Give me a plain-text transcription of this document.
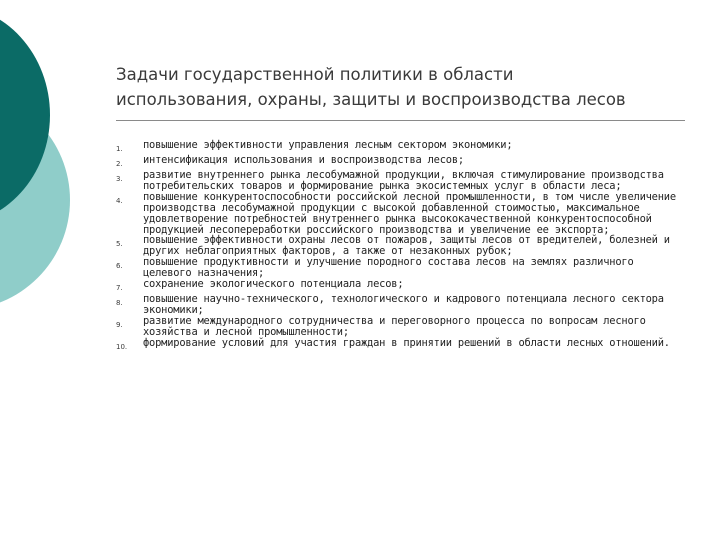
Задачи государственной политики в области
использования, охраны, защиты и воспроизводства лесов
1.	повышение эффективности управления лесным сектором экономики;
2.	интенсификация использования и воспроизводства лесов;
3.	развитие внутреннего рынка лесобумажной продукции, включая стимулирование производства потребительских товаров и формирование рынка экосистемных услуг в области леса;
4.	повышение конкурентоспособности российской лесной промышленности, в том числе увеличение производства лесобумажной продукции с высокой добавленной стоимостью, максимальное удовлетворение потребностей внутреннего рынка высококачественной конкурентоспособной продукцией лесопереработки российского производства и увеличение ее экспорта;
5.	повышение эффективности охраны лесов от пожаров, защиты лесов от вредителей, болезней и других неблагоприятных факторов, а также от незаконных рубок;
6.	повышение продуктивности и улучшение породного состава лесов на землях различного целевого назначения;
7.	сохранение экологического потенциала лесов;
8.	повышение научно-технического, технологического и кадрового потенциала лесного сектора экономики;
9.	развитие международного сотрудничества и переговорного процесса по вопросам лесного хозяйства и лесной промышленности;
10.	формирование условий для участия граждан в принятии решений в области лесных отношений.
